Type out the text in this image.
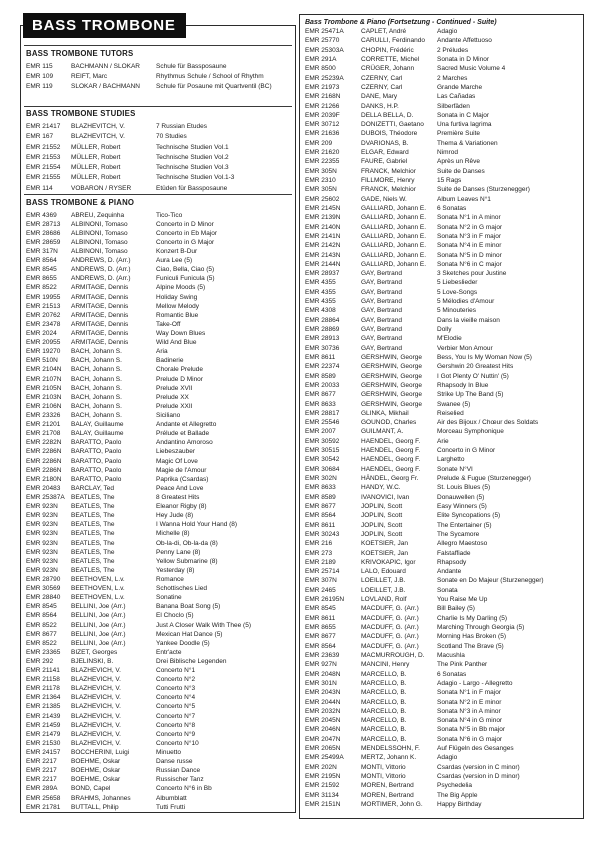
BASS TROMBONE
BASS TROMBONE TUTORS
EMR 115	BACHMANN / SLOKAR	Schule für Bassposaune
EMR 109	REIFT, Marc	Rhythmus Schule / School of Rhythm
EMR 119	SLOKAR / BACHMANN	Schule für Posaune mit Quartventil (BC)
BASS TROMBONE STUDIES
EMR 21417	BLAZHEVITCH, V.	7 Russian Etudes
EMR 167	BLAZHEVITCH, V.	70 Studies
EMR 21552	MÜLLER, Robert	Technische Studien Vol.1
EMR 21553	MÜLLER, Robert	Technische Studien Vol.2
EMR 21554	MÜLLER, Robert	Technische Studien Vol.3
EMR 21555	MÜLLER, Robert	Technische Studien Vol.1-3
EMR 114	VOBARON / RYSER	Etüden für Bassposaune
BASS TROMBONE & PIANO
EMR 4369	ABREU, Zequinha	Tico-Tico
EMR 28713	ALBINONI, Tomaso	Concerto in D Minor
EMR 28686	ALBINONI, Tomaso	Concerto in Eb Major
EMR 28659	ALBINONI, Tomaso	Concerto in G Major
EMR 317N	ALBINONI, Tomaso	Konzert B-Dur
EMR 8564	ANDREWS, D. (Arr.)	Aura Lee (5)
EMR 8545	ANDREWS, D. (Arr.)	Ciao, Bella, Ciao (5)
EMR 8655	ANDREWS, D. (Arr.)	Funiculi Funicula (5)
EMR 8522	ARMITAGE, Dennis	Alpine Moods (5)
EMR 19955	ARMITAGE, Dennis	Holiday Swing
EMR 21513	ARMITAGE, Dennis	Mellow Melody
EMR 20762	ARMITAGE, Dennis	Romantic Blue
EMR 23478	ARMITAGE, Dennis	Take-Off
EMR 2024	ARMITAGE, Dennis	Way Down Blues
EMR 20955	ARMITAGE, Dennis	Wild And Blue
EMR 19270	BACH, Johann S.	Aria
EMR 510N	BACH, Johann S.	Badinerie
EMR 2104N	BACH, Johann S.	Chorale Prelude
EMR 2107N	BACH, Johann S.	Prelude D Minor
EMR 2105N	BACH, Johann S.	Prelude XVII
EMR 2103N	BACH, Johann S.	Prelude XX
EMR 2106N	BACH, Johann S.	Prelude XXII
EMR 23326	BACH, Johann S.	Siciliano
EMR 21201	BALAY, Guillaume	Andante et Allegretto
EMR 21708	BALAY, Guillaume	Prélude et Ballade
EMR 2282N	BARATTO, Paolo	Andantino Amoroso
EMR 2286N	BARATTO, Paolo	Liebeszauber
EMR 2286N	BARATTO, Paolo	Magic Of Love
EMR 2286N	BARATTO, Paolo	Magie de l'Amour
EMR 2180N	BARATTO, Paolo	Paprika (Csardas)
EMR 20483	BARCLAY, Ted	Peace And Love
EMR 25387A BEATLES, The	8 Greatest Hits
EMR 923N	BEATLES, The	Eleanor Rigby (8)
EMR 923N	BEATLES, The	Hey Jude (8)
EMR 923N	BEATLES, The	I Wanna Hold Your Hand (8)
EMR 923N	BEATLES, The	Michelle (8)
EMR 923N	BEATLES, The	Ob-la-di, Ob-la-da (8)
EMR 923N	BEATLES, The	Penny Lane (8)
EMR 923N	BEATLES, The	Yellow Submarine (8)
EMR 923N	BEATLES, The	Yesterday (8)
EMR 28790	BEETHOVEN, L.v.	Romance
EMR 30569	BEETHOVEN, L.v.	Schottisches Lied
EMR 28840	BEETHOVEN, L.v.	Sonatine
EMR 8545	BELLINI, Joe (Arr.)	Banana Boat Song (5)
EMR 8564	BELLINI, Joe (Arr.)	El Choclo (5)
EMR 8522	BELLINI, Joe (Arr.)	Just A Closer Walk With Thee (5)
EMR 8677	BELLINI, Joe (Arr.)	Mexican Hat Dance (5)
EMR 8522	BELLINI, Joe (Arr.)	Yankee Doodle (5)
EMR 23365	BIZET, Georges	Entr'acte
EMR 292	BJELINSKI, B.	Drei Biblische Legenden
EMR 21141	BLAZHEVICH, V.	Concerto N°1
EMR 21158	BLAZHEVICH, V.	Concerto N°2
EMR 21178	BLAZHEVICH, V.	Concerto N°3
EMR 21364	BLAZHEVICH, V.	Concerto N°4
EMR 21385	BLAZHEVICH, V.	Concerto N°5
EMR 21439	BLAZHEVICH, V.	Concerto N°7
EMR 21459	BLAZHEVICH, V.	Concerto N°8
EMR 21479	BLAZHEVICH, V.	Concerto N°9
EMR 21530	BLAZHEVICH, V.	Concerto N°10
EMR 24157	BOCCHERINI, Luigi	Minuetto
EMR 2217	BOEHME, Oskar	Danse russe
EMR 2217	BOEHME, Oskar	Russian Dance
EMR 2217	BOEHME, Oskar	Russischer Tanz
EMR 289A	BOND, Capel	Concerto N°6 in Bb
EMR 25658	BRAHMS, Johannes	Albumblatt
EMR 21781	BUTTALL, Philip	Tutti Frutti
Bass Trombone & Piano (Fortsetzung - Continued - Suite)
EMR 25471A	CAPLET, André	Adagio
EMR 25770	CARULLI, Ferdinando	Andante Affettuoso
EMR 25303A	CHOPIN, Frédéric	2 Préludes
EMR 291A	CORRETTE, Michel	Sonata in D Minor
EMR 8500	CRÜGER, Johann	Sacred Music Volume 4
EMR 25239A	CZERNY, Carl	2 Marches
EMR 21973	CZERNY, Carl	Grande Marche
EMR 2168N	DANE, Mary	Las Cañadas
EMR 21266	DANKS, H.P.	Silberfäden
EMR 2039F	DELLA BELLA, D.	Sonata in C Major
EMR 30712	DONIZETTI, Gaetano	Una furtiva lagrima
EMR 21636	DUBOIS, Théodore	Première Suite
EMR 209	DVARIONAS, B.	Thema & Variationen
EMR 21620	ELGAR, Edward	Nimrod
EMR 22355	FAURE, Gabriel	Après un Rêve
EMR 305N	FRANCK, Melchior	Suite de Danses
EMR 2310	FILLMORE, Henry	15 Rags
EMR 305N	FRANCK, Melchior	Suite de Danses (Sturzenegger)
EMR 25602	GADE, Niels W.	Album Leaves N°1
EMR 2145N	GALLIARD, Johann E.	6 Sonatas
EMR 2139N	GALLIARD, Johann E.	Sonata N°1 in A minor
EMR 2140N	GALLIARD, Johann E.	Sonata N°2 in G major
EMR 2141N	GALLIARD, Johann E.	Sonata N°3 in F major
EMR 2142N	GALLIARD, Johann E.	Sonata N°4 in E minor
EMR 2143N	GALLIARD, Johann E.	Sonata N°5 in D minor
EMR 2144N	GALLIARD, Johann E.	Sonata N°6 in C major
EMR 28937	GAY, Bertrand	3 Sketches pour Justine
EMR 4355	GAY, Bertrand	5 Liebeslieder
EMR 4355	GAY, Bertrand	5 Love-Songs
EMR 4355	GAY, Bertrand	5 Mélodies d'Amour
EMR 4308	GAY, Bertrand	5 Minouteries
EMR 28864	GAY, Bertrand	Dans la vieille maison
EMR 28869	GAY, Bertrand	Dolly
EMR 28913	GAY, Bertrand	M'Elodie
EMR 30736	GAY, Bertrand	Verbier Mon Amour
EMR 8611	GERSHWIN, George	Bess, You Is My Woman Now (5)
EMR 22374	GERSHWIN, George	Gershwin 20 Greatest Hits
EMR 8589	GERSHWIN, George	I Got Plenty O' Nuttin' (5)
EMR 20033	GERSHWIN, George	Rhapsody In Blue
EMR 8677	GERSHWIN, George	Strike Up The Band (5)
EMR 8633	GERSHWIN, George	Swanee (5)
EMR 28817	GLINKA, Mikhail	Reiselied
EMR 25546	GOUNOD, Charles	Air des Bijoux / Chœur des Soldats
EMR 2007	GUILMANT, A.	Morceau Symphonique
EMR 30592	HAENDEL, Georg F.	Arie
EMR 30515	HAENDEL, Georg F.	Concerto in G Minor
EMR 30542	HAENDEL, Georg F.	Larghetto
EMR 30684	HAENDEL, Georg F.	Sonate N°VI
EMR 302N	HÄNDEL, Georg Fr.	Prelude & Fugue (Sturzenegger)
EMR 8633	HANDY, W.C.	St. Louis Blues (5)
EMR 8589	IVANOVICI, Ivan	Donauwellen (5)
EMR 8677	JOPLIN, Scott	Easy Winners (5)
EMR 8564	JOPLIN, Scott	Elite Syncopations (5)
EMR 8611	JOPLIN, Scott	The Entertainer (5)
EMR 30243	JOPLIN, Scott	The Sycamore
EMR 216	KOETSIER, Jan	Allegro Maestoso
EMR 273	KOETSIER, Jan	Falstaffiade
EMR 2189	KRIVOKAPIC, Igor	Rhapsody
EMR 25714	LALO, Edouard	Andante
EMR 307N	LOEILLET, J.B.	Sonate en Do Majeur (Sturzenegger)
EMR 2465	LOEILLET, J.B.	Sonata
EMR 26195N	LOVLAND, Rolf	You Raise Me Up
EMR 8545	MACDUFF, G. (Arr.)	Bill Bailey (5)
EMR 8611	MACDUFF, G. (Arr.)	Charlie Is My Darling (5)
EMR 8655	MACDUFF, G. (Arr.)	Marching Through Georgia (5)
EMR 8677	MACDUFF, G. (Arr.)	Morning Has Broken (5)
EMR 8564	MACDUFF, G. (Arr.)	Scotland The Brave (5)
EMR 23639	MACMURROUGH, D.	Macushla
EMR 927N	MANCINI, Henry	The Pink Panther
EMR 2048N	MARCELLO, B.	6 Sonatas
EMR 301N	MARCELLO, B.	Adagio - Largo - Allegretto
EMR 2043N	MARCELLO, B.	Sonata N°1 in F major
EMR 2044N	MARCELLO, B.	Sonata N°2 in E minor
EMR 2032N	MARCELLO, B.	Sonata N°3 in A minor
EMR 2045N	MARCELLO, B.	Sonata N°4 in G minor
EMR 2046N	MARCELLO, B.	Sonata N°5 in Bb major
EMR 2047N	MARCELLO, B.	Sonata N°6 in G major
EMR 2065N	MENDELSSOHN, F.	Auf Flügeln des Gesanges
EMR 25499A	MERTZ, Johann K.	Adagio
EMR 202N	MONTI, Vittorio	Csardas (version in C minor)
EMR 2195N	MONTI, Vittorio	Csardas (version in D minor)
EMR 21592	MOREN, Bertrand	Psychedelia
EMR 31134	MOREN, Bertrand	The Big Apple
EMR 2151N	MORTIMER, John G.	Happy Birthday
